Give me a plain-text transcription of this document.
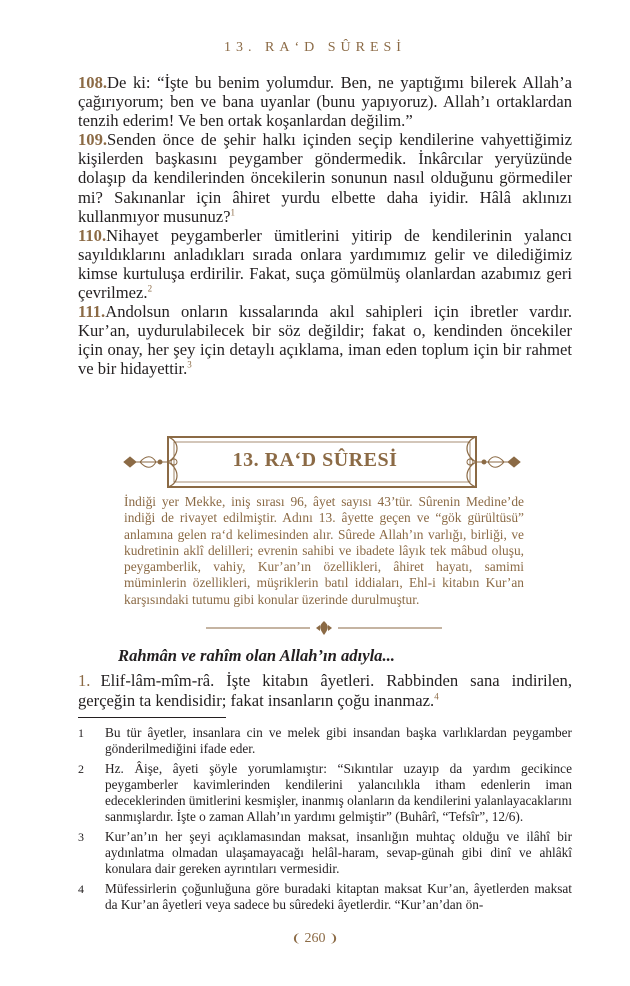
13. RA‘D SÛRESİ

108.De ki: “İşte bu benim yolumdur. Ben, ne yaptığımı bilerek Allah’a çağırıyorum; ben ve bana uyanlar (bunu yapıyoruz). Allah’ı ortaklardan tenzih ederim! Ve ben ortak koşanlardan değilim.”

109.Senden önce de şehir halkı içinden seçip kendilerine vahyettiğimiz kişilerden başkasını peygamber göndermedik. İnkârcılar yeryüzünde dolaşıp da kendilerinden öncekilerin sonunun nasıl olduğunu görmediler mi? Sakınanlar için âhiret yurdu elbette daha iyidir. Hâlâ aklınızı kullanmıyor musunuz?$^1$

110.Nihayet peygamberler ümitlerini yitirip de kendilerinin yalancı sayıldıklarını anladıkları sırada onlara yardımımız gelir ve dilediğimiz kimse kurtuluşa erdirilir. Fakat, suça gömülmüş olanlardan azabımız geri çevrilmez.$^2$

111.Andolsun onların kıssalarında akıl sahipleri için ibretler vardır. Kur’an, uydurulabilecek bir söz değildir; fakat o, kendinden öncekiler için onay, her şey için detaylı açıklama, iman eden toplum için bir rahmet ve bir hidayettir.$^3$

13. RA‘D SÛRESİ
İndiği yer Mekke, iniş sırası 96, âyet sayısı 43’tür. Sûrenin Medine’de indiği de rivayet edilmiştir. Adını 13. âyette geçen ve “gök gürültüsü” anlamına gelen ra‘d kelimesinden alır. Sûrede Allah’ın varlığı, birliği, ve kudretinin aklî delilleri; evrenin sahibi ve ibadete lâyık tek mâbud oluşu, peygamberlik, vahiy, Kur’an’ın özellikleri, âhiret hayatı, samimi müminlerin özellikleri, müşriklerin batıl iddiaları, Ehl-i kitabın Kur’an karşısındaki tutumu gibi konular üzerinde durulmuştur.
Rahmân ve rahîm olan Allah’ın adıyla...
1. Elif-lâm-mîm-râ. İşte kitabın âyetleri. Rabbinden sana indirilen, gerçeğin ta kendisidir; fakat insanların çoğu inanmaz.$^4$
1	Bu tür âyetler, insanlara cin ve melek gibi insandan başka varlıklardan peygamber gönderilmediğini ifade eder.
2	Hz. Âişe, âyeti şöyle yorumlamıştır: “Sıkıntılar uzayıp da yardım gecikince peygamberler kavimlerinden kendilerini yalancılıkla itham edenlerin iman edeceklerinden ümitlerini kesmişler, inanmış olanların da kendilerini yalanlayacaklarını sanmışlardır. İşte o zaman Allah’ın yardımı gelmiştir” (Buhârî, “Tefsîr”, 12/6).
3	Kur’an’ın her şeyi açıklamasından maksat, insanlığın muhtaç olduğu ve ilâhî bir aydınlatma olmadan ulaşamayacağı helâl-haram, sevap-günah gibi dinî ve ahlâkî konulara dair gereken ayrıntıları vermesidir.
4	Müfessirlerin çoğunluğuna göre buradaki kitaptan maksat Kur’an, âyetlerden maksat da Kur’an âyetleri veya sadece bu sûredeki âyetlerdir. “Kur’an’dan ön-
❨ 260 ❩
